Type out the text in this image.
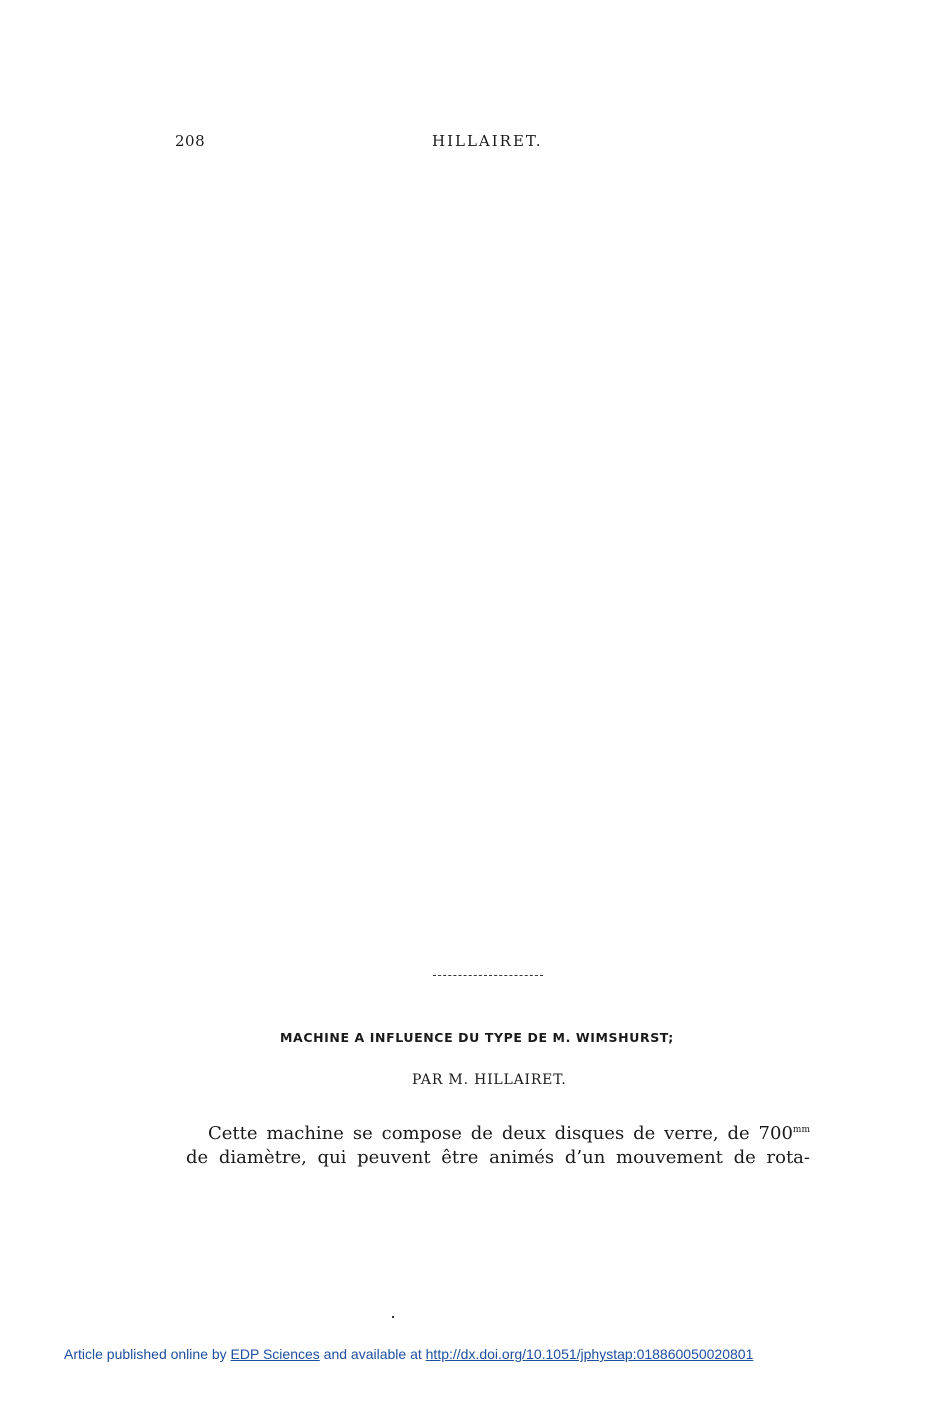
208	HILLAIRET.
MACHINE A INFLUENCE DU TYPE DE M. WIMSHURST;
PAR M. HILLAIRET.

Cette machine se compose de deux disques de verre, de $700^{mm}$
de diamètre, qui peuvent être animés d’un mouvement de rota-

Article published online by EDP Sciences and available at http://dx.doi.org/10.1051/jphystap:018860050020801
